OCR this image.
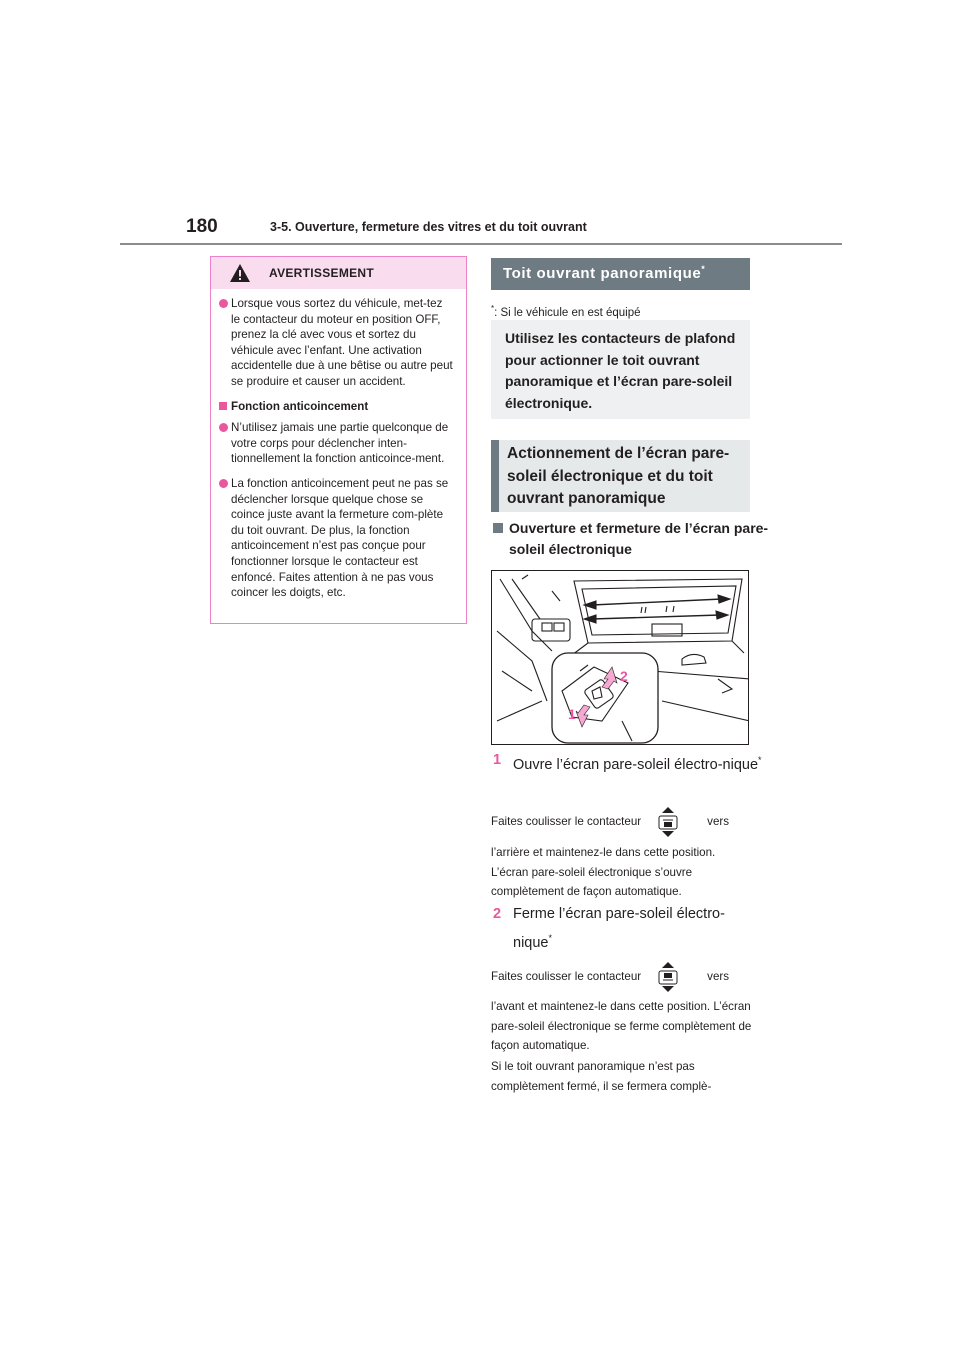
180	3-5. Ouverture, fermeture des vitres et du toit ouvrant
AVERTISSEMENT
Lorsque vous sortez du véhicule, met-tez le contacteur du moteur en position OFF, prenez la clé avec vous et sortez du véhicule avec l’enfant. Une activation accidentelle due à une bêtise ou autre peut se produire et causer un accident.
Fonction anticoincement
N’utilisez jamais une partie quelconque de votre corps pour déclencher inten-tionnellement la fonction anticoince-ment.
La fonction anticoincement peut ne pas se déclencher lorsque quelque chose se coince juste avant la fermeture com-plète du toit ouvrant. De plus, la fonction anticoincement n’est pas conçue pour fonctionner lorsque le contacteur est enfoncé. Faites attention à ne pas vous coincer les doigts, etc.
Toit ouvrant panoramique*
*: Si le véhicule en est équipé
Utilisez les contacteurs de plafond pour actionner le toit ouvrant panoramique et l’écran pare-soleil électronique.
Actionnement de l’écran pare-soleil électronique et du toit ouvrant panoramique
Ouverture et fermeture de l’écran pare-soleil électronique
2
1
1 Ouvre l’écran pare-soleil électro-nique*
Faites coulisser le contacteur	vers
l’arrière et maintenez-le dans cette position. L’écran pare-soleil électronique s’ouvre complètement de façon automatique.
2 Ferme l’écran pare-soleil électro-nique*
Faites coulisser le contacteur	vers
l’avant et maintenez-le dans cette position. L’écran pare-soleil électronique se ferme complètement de façon automatique.
Si le toit ouvrant panoramique n’est pas complètement fermé, il se fermera complè-
